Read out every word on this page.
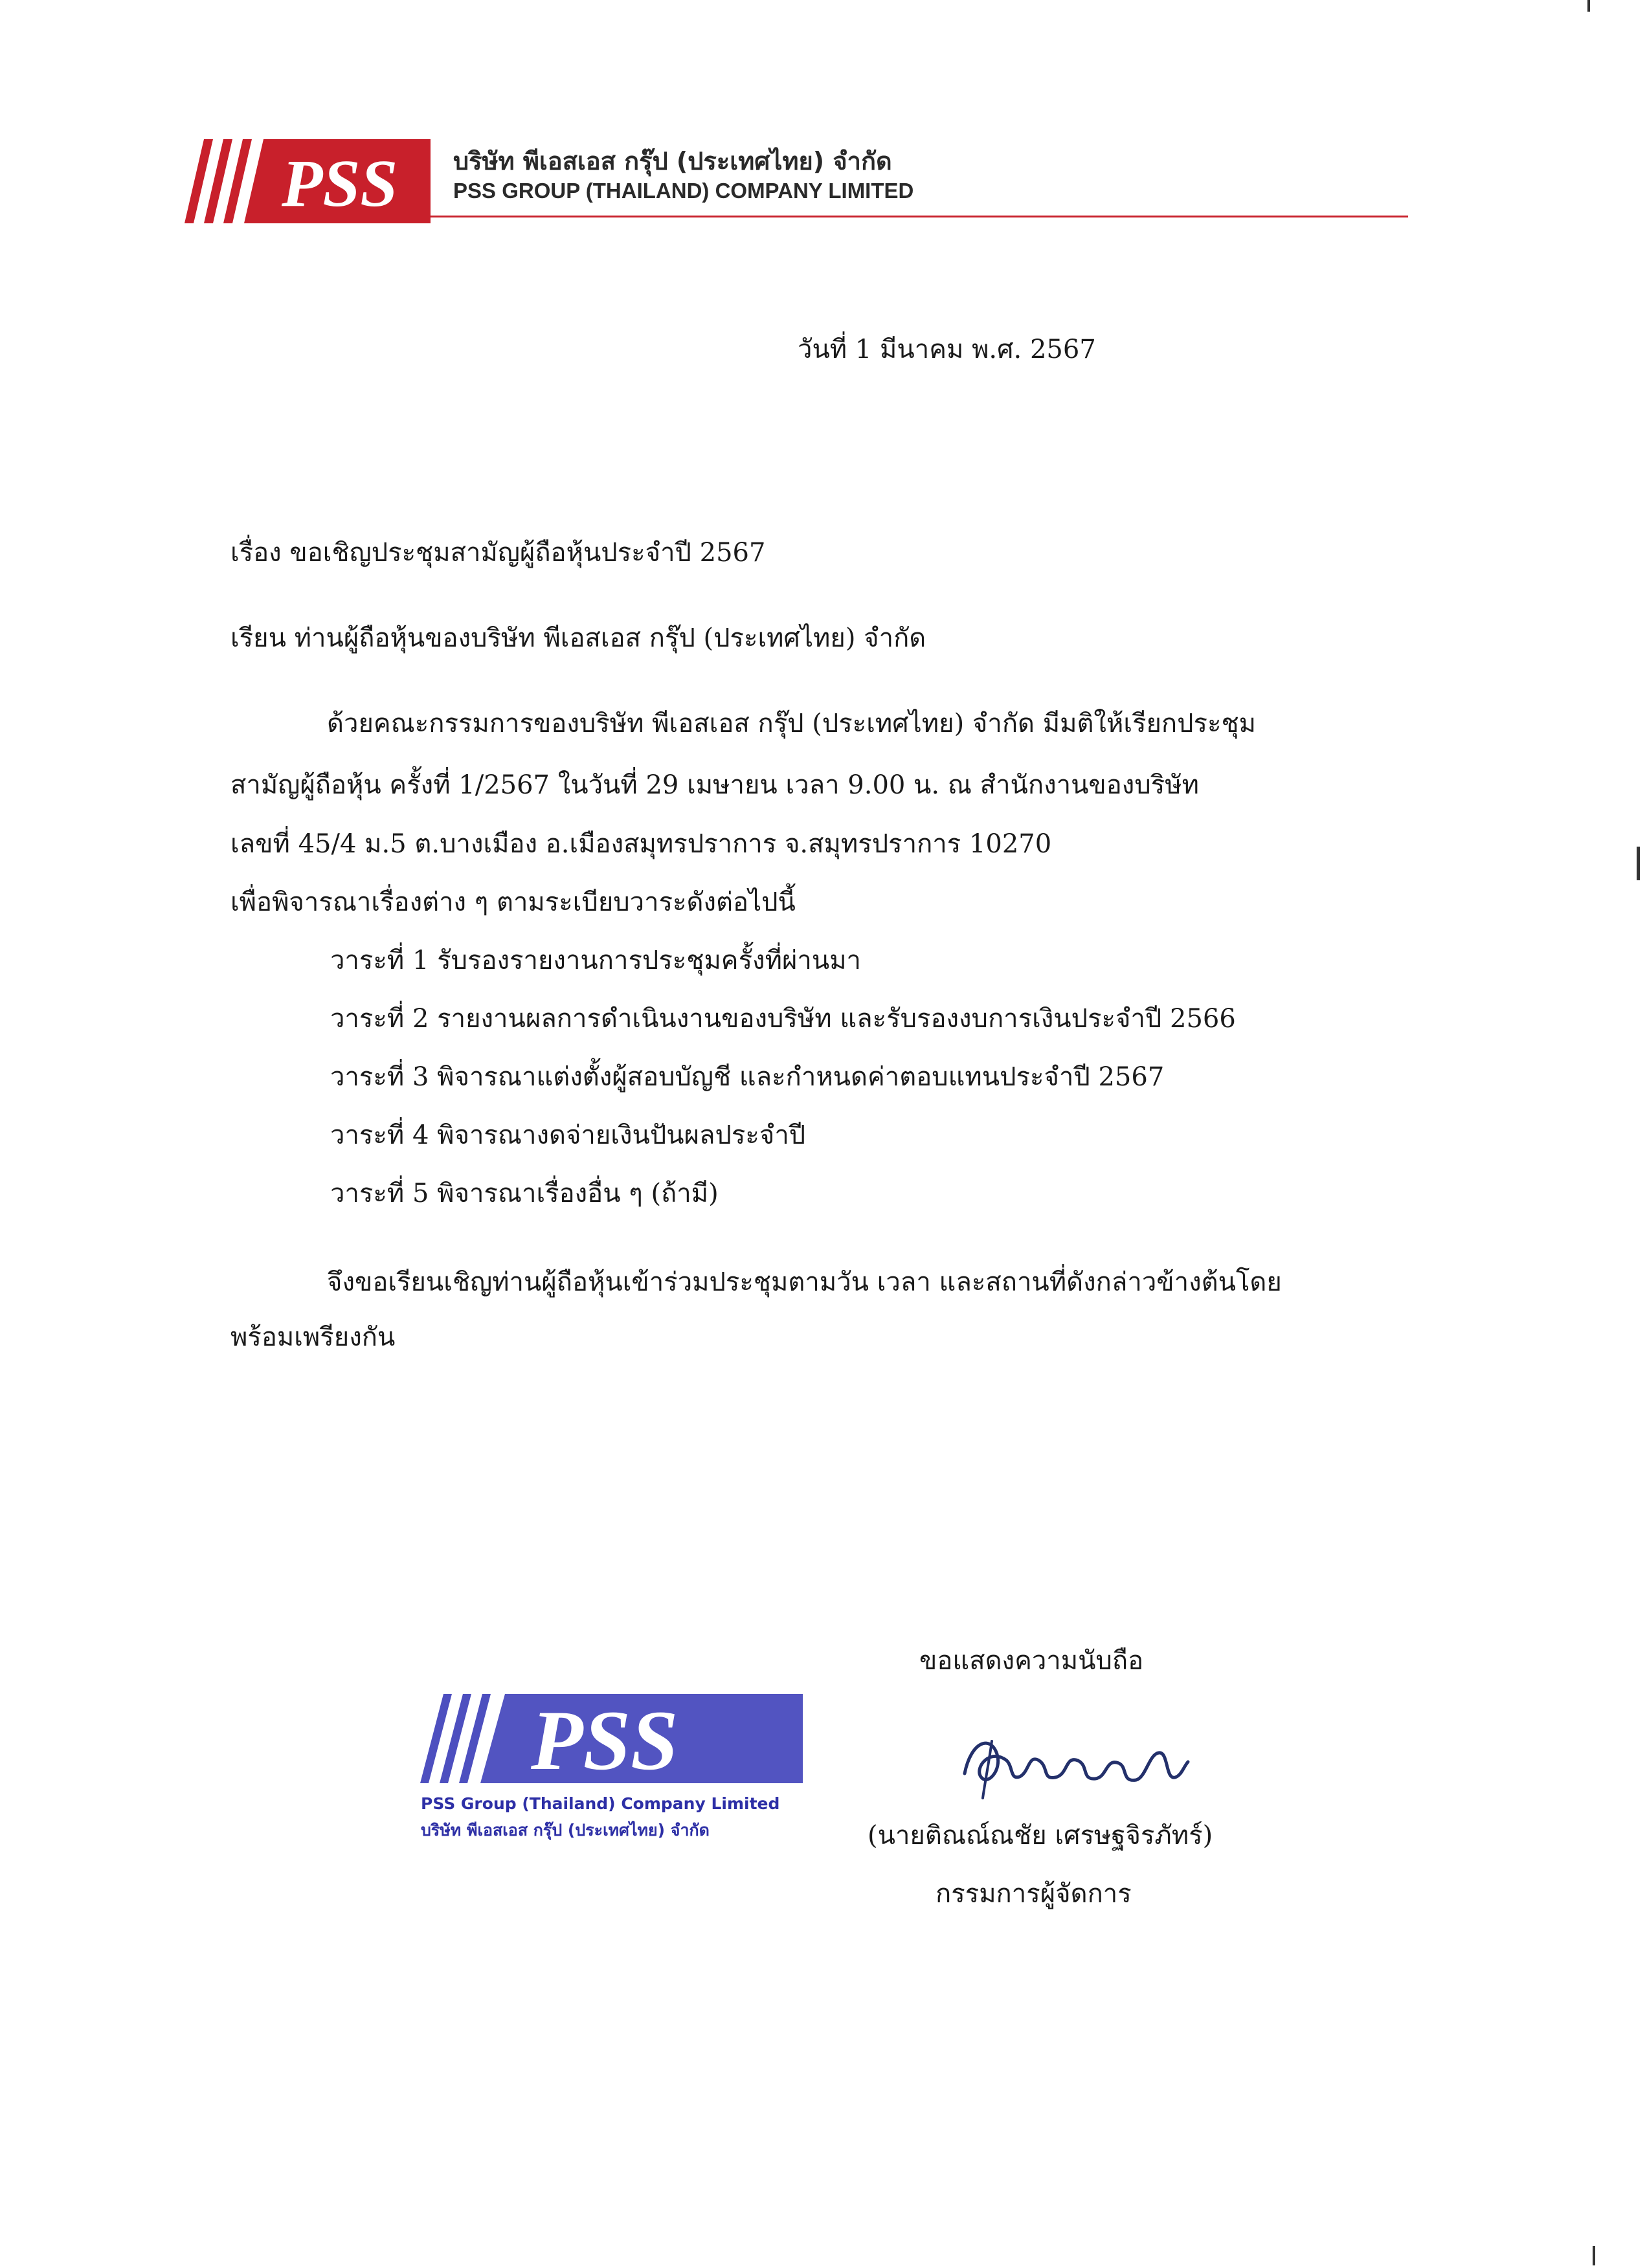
PSS บริษัท พีเอสเอส กรุ๊ป (ประเทศไทย) จำกัด
PSS GROUP (THAILAND) COMPANY LIMITED
วันที่ 1 มีนาคม พ.ศ. 2567
เรื่อง ขอเชิญประชุมสามัญผู้ถือหุ้นประจำปี 2567
เรียน ท่านผู้ถือหุ้นของบริษัท พีเอสเอส กรุ๊ป (ประเทศไทย) จำกัด
ด้วยคณะกรรมการของบริษัท พีเอสเอส กรุ๊ป (ประเทศไทย) จำกัด มีมติให้เรียกประชุม
สามัญผู้ถือหุ้น ครั้งที่ 1/2567 ในวันที่ 29 เมษายน เวลา 9.00 น. ณ สำนักงานของบริษัท
เลขที่ 45/4 ม.5 ต.บางเมือง อ.เมืองสมุทรปราการ จ.สมุทรปราการ 10270
เพื่อพิจารณาเรื่องต่าง ๆ ตามระเบียบวาระดังต่อไปนี้
วาระที่ 1 รับรองรายงานการประชุมครั้งที่ผ่านมา
วาระที่ 2 รายงานผลการดำเนินงานของบริษัท และรับรองงบการเงินประจำปี 2566
วาระที่ 3 พิจารณาแต่งตั้งผู้สอบบัญชี และกำหนดค่าตอบแทนประจำปี 2567
วาระที่ 4 พิจารณางดจ่ายเงินปันผลประจำปี
วาระที่ 5 พิจารณาเรื่องอื่น ๆ (ถ้ามี)
จึงขอเรียนเชิญท่านผู้ถือหุ้นเข้าร่วมประชุมตามวัน เวลา และสถานที่ดังกล่าวข้างต้นโดย
พร้อมเพรียงกัน
ขอแสดงความนับถือ
(นายติณณ์ณชัย เศรษฐจิรภัทร์)
กรรมการผู้จัดการ
PSS
PSS Group (Thailand) Company Limited
บริษัท พีเอสเอส กรุ๊ป (ประเทศไทย) จำกัด
